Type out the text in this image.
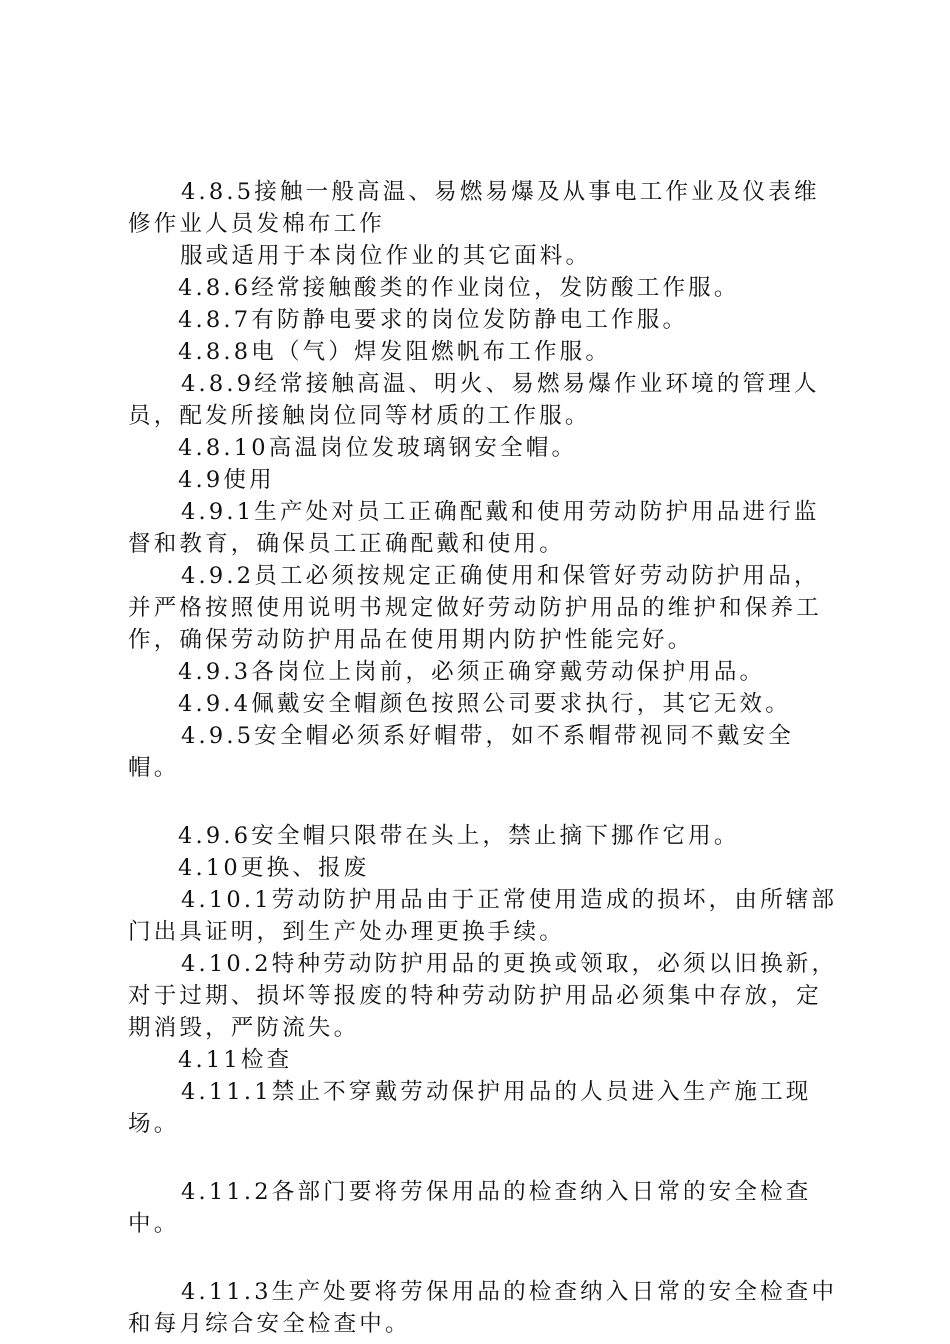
4.8.5接触一般高温、易燃易爆及从事电工作业及仪表维修作业人员发棉布工作

服或适用于本岗位作业的其它面料。

4.8.6经常接触酸类的作业岗位，发防酸工作服。

4.8.7有防静电要求的岗位发防静电工作服。

4.8.8电（气）焊发阻燃帆布工作服。

4.8.9经常接触高温、明火、易燃易爆作业环境的管理人员，配发所接触岗位同等材质的工作服。

4.8.10高温岗位发玻璃钢安全帽。

4.9使用

4.9.1生产处对员工正确配戴和使用劳动防护用品进行监督和教育，确保员工正确配戴和使用。

4.9.2员工必须按规定正确使用和保管好劳动防护用品，并严格按照使用说明书规定做好劳动防护用品的维护和保养工作，确保劳动防护用品在使用期内防护性能完好。

4.9.3各岗位上岗前，必须正确穿戴劳动保护用品。

4.9.4佩戴安全帽颜色按照公司要求执行，其它无效。

4.9.5安全帽必须系好帽带，如不系帽带视同不戴安全帽。

4.9.6安全帽只限带在头上，禁止摘下挪作它用。

4.10更换、报废

4.10.1劳动防护用品由于正常使用造成的损坏，由所辖部门出具证明，到生产处办理更换手续。

4.10.2特种劳动防护用品的更换或领取，必须以旧换新，对于过期、损坏等报废的特种劳动防护用品必须集中存放，定期消毁，严防流失。

4.11检查

4.11.1禁止不穿戴劳动保护用品的人员进入生产施工现场。

4.11.2各部门要将劳保用品的检查纳入日常的安全检查中。

4.11.3生产处要将劳保用品的检查纳入日常的安全检查中和每月综合安全检查中。
